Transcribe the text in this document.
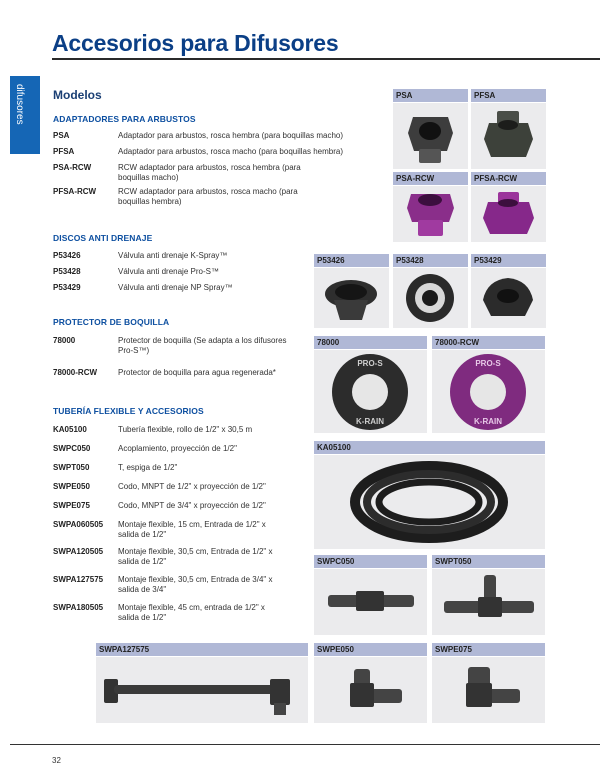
Accesorios para Difusores
difusores Modelos
ADAPTADORES PARA ARBUSTOS
PSA	Adaptador para arbustos, rosca hembra (para boquillas macho)
PFSA	Adaptador para arbustos, rosca macho (para boquillas hembra)
PSA-RCW	RCW adaptador para arbustos, rosca hembra (para boquillas macho)
PFSA-RCW	RCW adaptador para arbustos, rosca macho (para boquillas hembra)
DISCOS ANTI DRENAJE
P53426	Válvula anti drenaje K-Spray™
P53428	Válvula anti drenaje Pro-S™
P53429	Válvula anti drenaje NP Spray™
PROTECTOR DE BOQUILLA
78000	Protector de boquilla (Se adapta a los difusores Pro-S™)
78000-RCW	Protector de boquilla para agua regenerada*
TUBERÍA FLEXIBLE Y ACCESORIOS
KA05100	Tubería flexible, rollo de 1/2" x 30,5 m
SWPC050	Acoplamiento, proyección de 1/2"
SWPT050	T, espiga de 1/2"
SWPE050	Codo, MNPT de 1/2" x proyección de 1/2"
SWPE075	Codo, MNPT de 3/4" x proyección de 1/2"
SWPA060505 Montaje flexible, 15 cm, Entrada de 1/2" x salida de 1/2"
SWPA120505 Montaje flexible, 30,5 cm, Entrada de 1/2" x salida de 1/2"
SWPA127575 Montaje flexible, 30,5 cm, Entrada de 3/4" x salida de 3/4"
SWPA180505 Montaje flexible, 45 cm, entrada de 1/2" x salida de 1/2"
PSA	PFSA
PSA-RCW	PFSA-RCW
P53426	P53428	P53429
78000
PRO-S
K-RAIN
78000-RCW
PRO-S
K-RAIN
KA05100
SWPC050	SWPT050
SWPA127575	SWPE050	SWPE075
32
